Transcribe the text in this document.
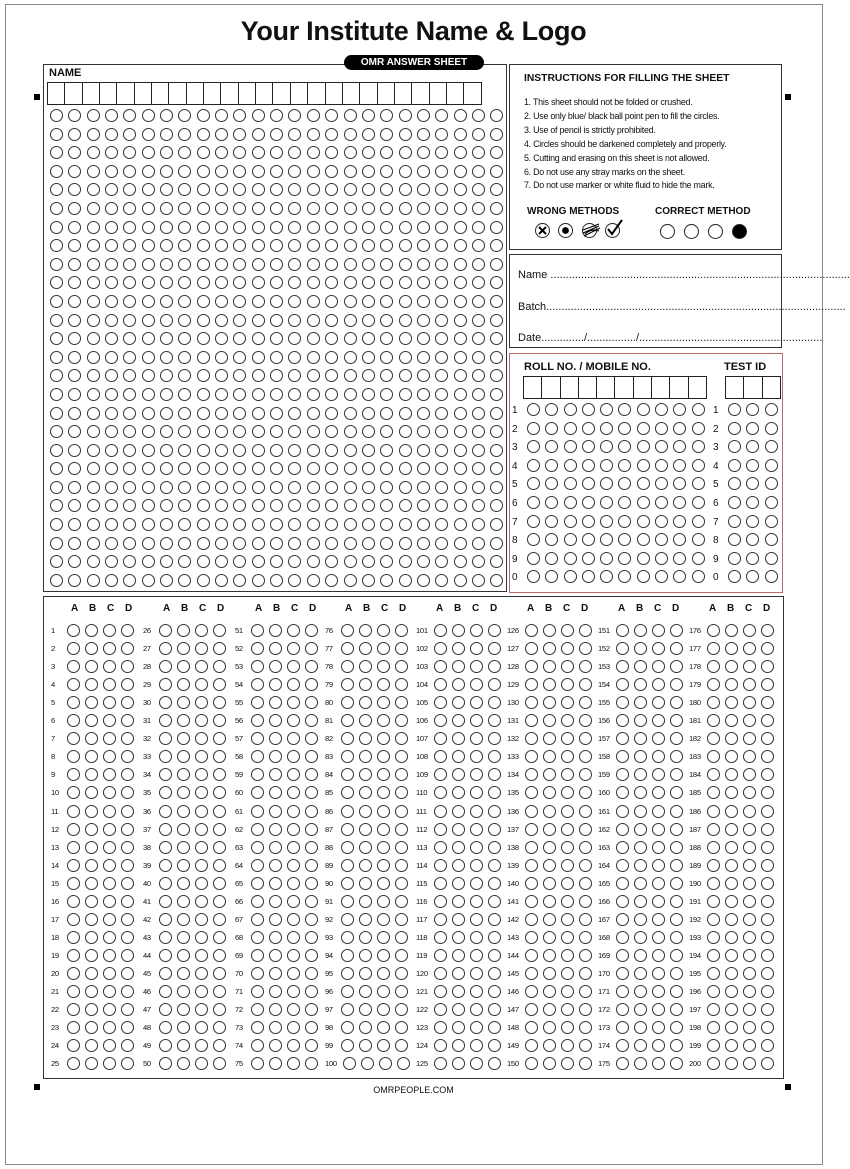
Your Institute Name & Logo
OMR ANSWER SHEET
NAME	INSTRUCTIONS FOR FILLING THE SHEET
1. This sheet should not be folded or crushed.
2. Use only blue/ black ball point pen to fill the circles.
3. Use of pencil is strictly prohibited.
4. Circles should be darkened completely and properly.
5. Cutting and erasing on this sheet is not allowed.
6. Do not use any stray marks on the sheet.
7. Do not use marker or white fluid to hide the mark.
WRONG METHODS	CORRECT METHOD
Name ..................................................................................................
Batch..................................................................................................
Date............../................/............................................................
ROLL NO. / MOBILE NO.	TEST ID
1
2
3
4
5
6
7
8
9
0
1
2
3
4
5
6
7
8
9
0
A B C D
1
2
3
4
5
6
7
8
9
10
11
12
13
14
15
16
17
18
19
20
21
22
23
24
25
A B C D
26
27
28
29
30
31
32
33
34
35
36
37
38
39
40
41
42
43
44
45
46
47
48
49
50
A B C D
51
52
53
54
55
56
57
58
59
60
61
62
63
64
65
66
67
68
69
70
71
72
73
74
75
A B C D
76
77
78
79
80
81
82
83
84
85
86
87
88
89
90
91
92
93
94
95
96
97
98
99
100
A B C D
101
102
103
104
105
106
107
108
109
110
111
112
113
114
115
116
117
118
119
120
121
122
123
124
125
A B C D
126
127
128
129
130
131
132
133
134
135
136
137
138
139
140
141
142
143
144
145
146
147
148
149
150
A B C D
151
152
153
154
155
156
157
158
159
160
161
162
163
164
165
166
167
168
169
170
171
172
173
174
175
A B C D
176
177
178
179
180
181
182
183
184
185
186
187
188
189
190
191
192
193
194
195
196
197
198
199
200
OMRPEOPLE.COM
